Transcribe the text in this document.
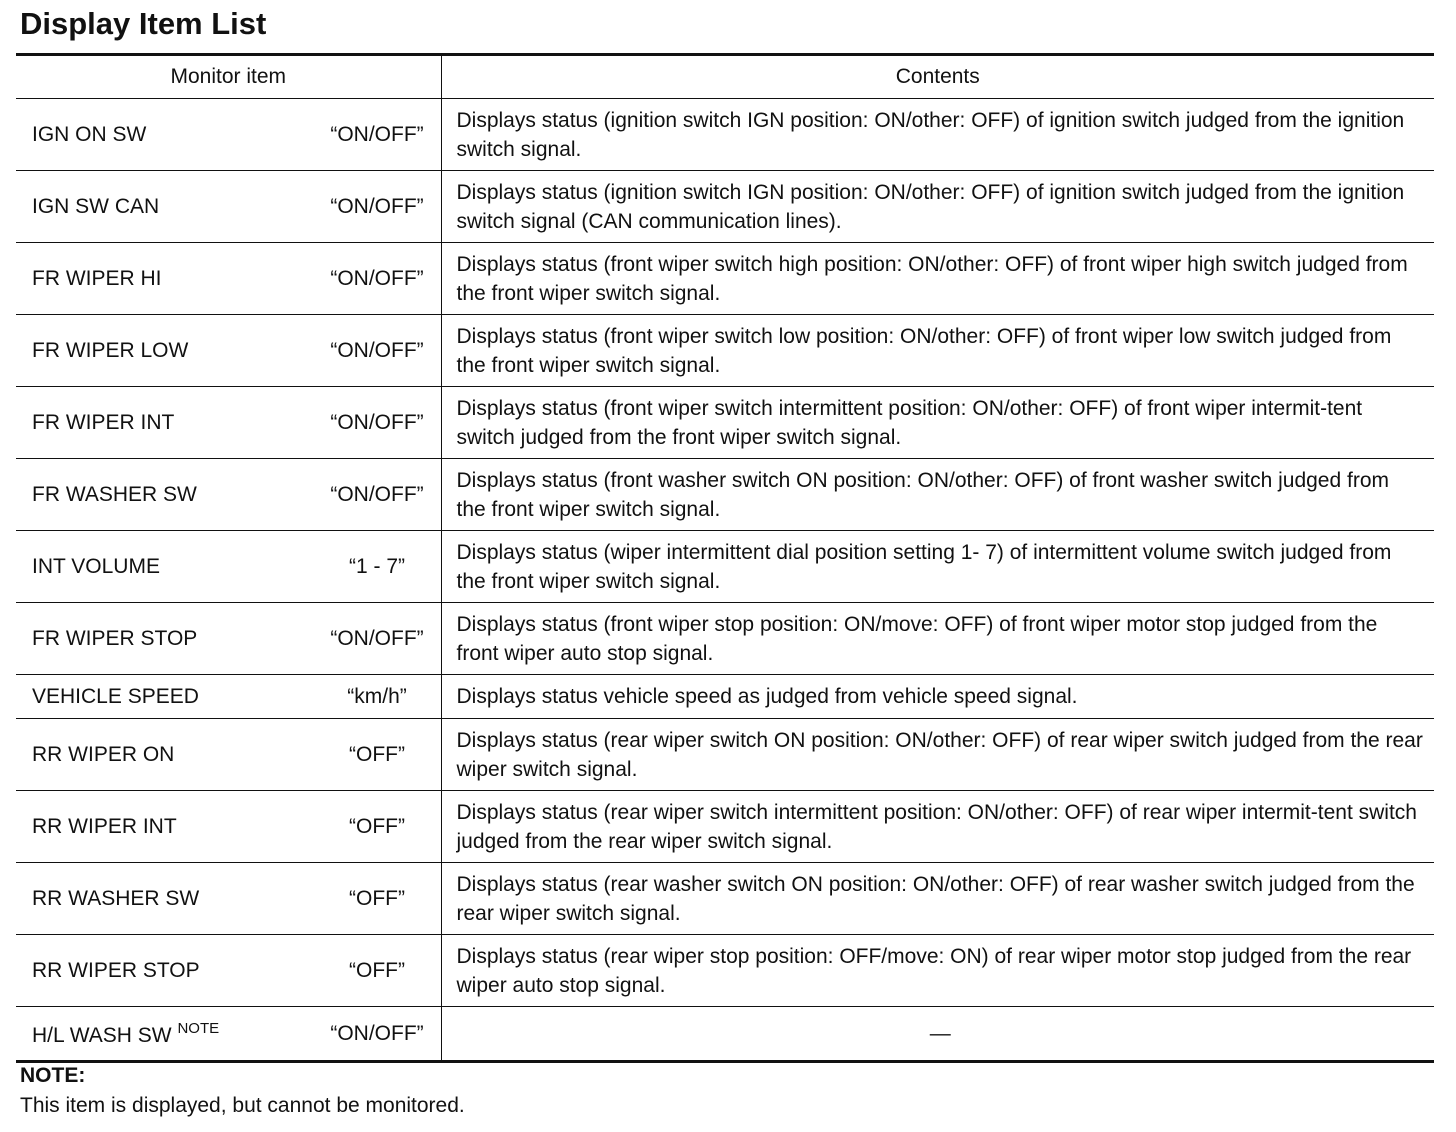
Display Item List
Monitor item	Contents

IGN ON SW “ON/OFF”	Displays status (ignition switch IGN position: ON/other: OFF) of ignition switch judged from the ignition switch signal.

IGN SW CAN “ON/OFF”	Displays status (ignition switch IGN position: ON/other: OFF) of ignition switch judged from the ignition switch signal (CAN communication lines).

FR WIPER HI “ON/OFF”	Displays status (front wiper switch high position: ON/other: OFF) of front wiper high switch judged from the front wiper switch signal.

FR WIPER LOW “ON/OFF”	Displays status (front wiper switch low position: ON/other: OFF) of front wiper low switch judged from the front wiper switch signal.

FR WIPER INT “ON/OFF”	Displays status (front wiper switch intermittent position: ON/other: OFF) of front wiper intermit-tent switch judged from the front wiper switch signal.

FR WASHER SW “ON/OFF”	Displays status (front washer switch ON position: ON/other: OFF) of front washer switch judged from the front wiper switch signal.

INT VOLUME “1 - 7”	Displays status (wiper intermittent dial position setting 1- 7) of intermittent volume switch judged from the front wiper switch signal.

FR WIPER STOP “ON/OFF”	Displays status (front wiper stop position: ON/move: OFF) of front wiper motor stop judged from the front wiper auto stop signal.

VEHICLE SPEED “km/h”	Displays status vehicle speed as judged from vehicle speed signal.

RR WIPER ON “OFF”	Displays status (rear wiper switch ON position: ON/other: OFF) of rear wiper switch judged from the rear wiper switch signal.

RR WIPER INT “OFF”	Displays status (rear wiper switch intermittent position: ON/other: OFF) of rear wiper intermit-tent switch judged from the rear wiper switch signal.

RR WASHER SW “OFF”	Displays status (rear washer switch ON position: ON/other: OFF) of rear washer switch judged from the rear wiper switch signal.

RR WIPER STOP “OFF”	Displays status (rear wiper stop position: OFF/move: ON) of rear wiper motor stop judged from the rear wiper auto stop signal.

H/L WASH SW $^{NOTE}$ “ON/OFF”	—
NOTE:
This item is displayed, but cannot be monitored.
